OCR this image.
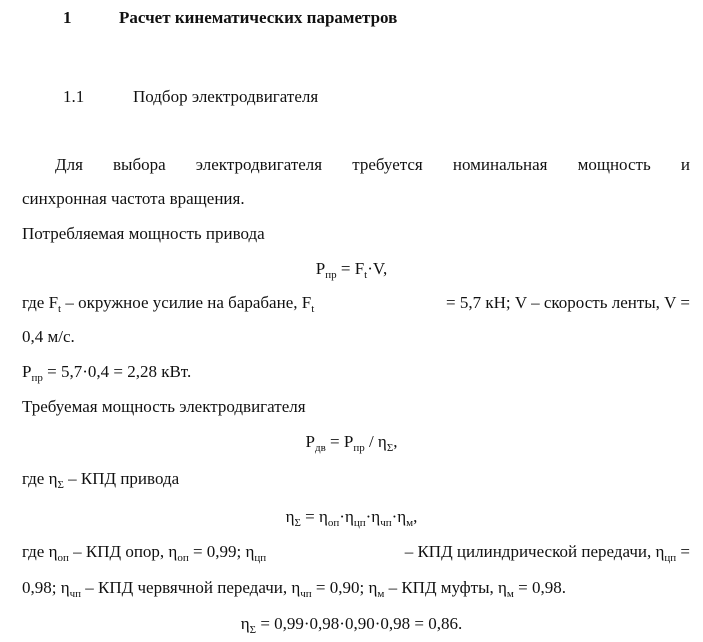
1	Расчет кинематических параметров
1.1	Подбор электродвигателя
Для выбора электродвигателя требуется номинальная мощность и
синхронная частота вращения.
Потребляемая мощность привода
$P_{пр} = F_t\cdot V$,
где $F_t$ – окружное усилие на барабане, $F_t$	= 5,7 кН; V – скорость ленты, V =
0,4 м/с.
$P_{пр} = 5,7\cdot 0,4 = 2,28$ кВт.
Требуемая мощность электродвигателя
$P_{дв} = P_{пр} / \eta_\Sigma$,
где $\eta_\Sigma$ – КПД привода
$\eta_\Sigma = \eta_{оп}\cdot\eta_{цп}\cdot\eta_{чп}\cdot\eta_м$,
где $\eta_{оп}$ – КПД опор, $\eta_{оп} = 0,99$; $\eta_{цп}$	– КПД цилиндрической передачи, $\eta_{цп}$ =
0,98; $\eta_{чп}$ – КПД червячной передачи, $\eta_{чп} = 0,90$; $\eta_м$ – КПД муфты, $\eta_м = 0,98$.
$\eta_\Sigma = 0,99\cdot 0,98\cdot 0,90\cdot 0,98 = 0,86$.
